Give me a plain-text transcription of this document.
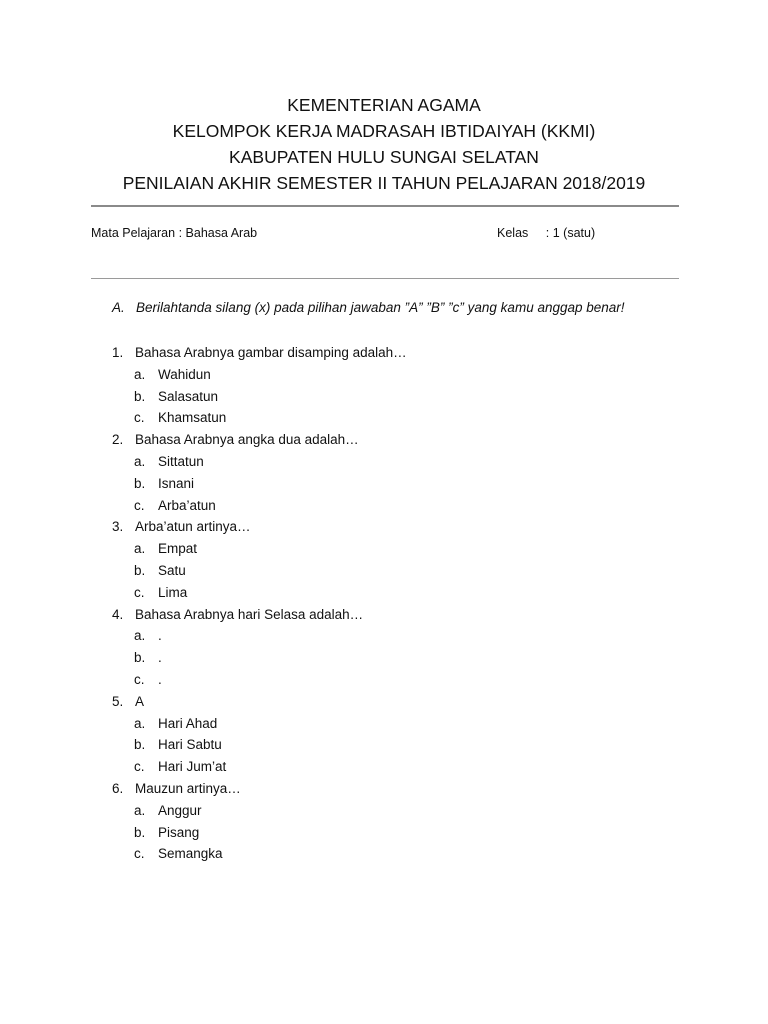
KEMENTERIAN AGAMA
KELOMPOK KERJA MADRASAH IBTIDAIYAH (KKMI)
KABUPATEN HULU SUNGAI SELATAN
PENILAIAN AKHIR SEMESTER II TAHUN PELAJARAN 2018/2019
Mata Pelajaran : Bahasa Arab	Kelas : 1 (satu)
A. Berilahtanda silang (x) pada pilihan jawaban ”A” ”B” ”c” yang kamu anggap benar!
1. Bahasa Arabnya gambar disamping adalah…
a. Wahidun
b. Salasatun
c. Khamsatun
2. Bahasa Arabnya angka dua adalah…
a. Sittatun
b. Isnani
c. Arba’atun
3. Arba’atun artinya…
a. Empat
b. Satu
c. Lima
4. Bahasa Arabnya hari Selasa adalah…
a. .
b. .
c. .
5. A
a. Hari Ahad
b. Hari Sabtu
c. Hari Jum’at
6. Mauzun artinya…
a. Anggur
b. Pisang
c. Semangka
